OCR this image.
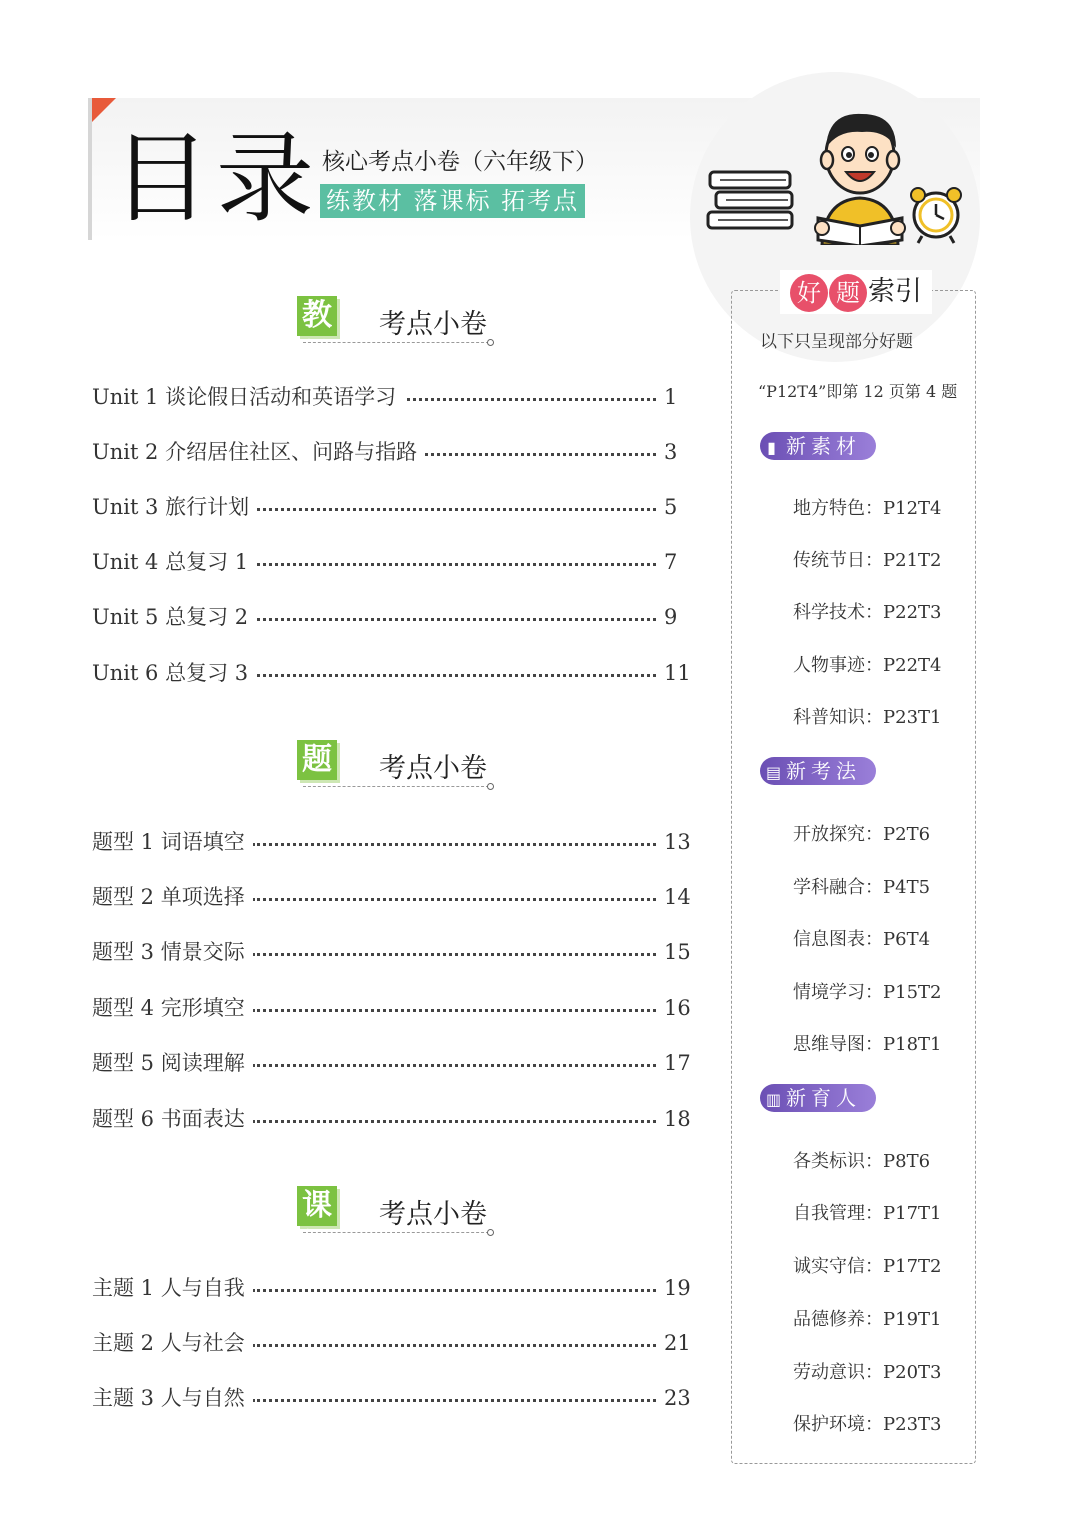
目录 核心考点小卷（六年级下）
练教材 落课标 拓考点
教材
考点小卷
Unit 1 谈论假日活动和英语学习	1
Unit 2 介绍居住社区、问路与指路	3
Unit 3 旅行计划	5
Unit 4 总复习 1	7
Unit 5 总复习 2	9
Unit 6 总复习 3	11
题型
考点小卷
题型 1 词语填空	13
题型 2 单项选择	14
题型 3 情景交际	15
题型 4 完形填空	16
题型 5 阅读理解	17
题型 6 书面表达	18
课标
考点小卷
主题 1 人与自我	19
主题 2 人与社会	21
主题 3 人与自然	23
好 题 索引
以下只呈现部分好题
“P12T4”即第 12 页第 4 题
▮ 新素材
地方特色：P12T4
传统节日：P21T2
科学技术：P22T3
人物事迹：P22T4
科普知识：P23T1
▤新考法
开放探究：P2T6
学科融合：P4T5
信息图表：P6T4
情境学习：P15T2
思维导图：P18T1
▥新育人
各类标识：P8T6
自我管理：P17T1
诚实守信：P17T2
品德修养：P19T1
劳动意识：P20T3
保护环境：P23T3
